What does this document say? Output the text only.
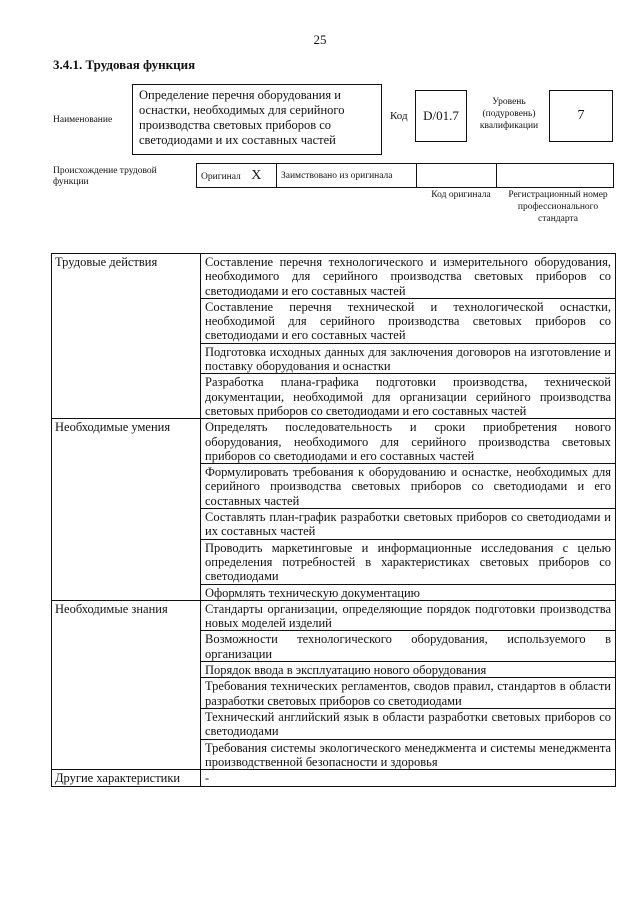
25
3.4.1. Трудовая функция
Наименование
Определение перечня оборудования и оснастки, необходимых для серийного производства световых приборов со светодиодами и их составных частей
Код	D/01.7
Уровень (подуровень) квалификации
7
Происхождение трудовой функции
Оригинал X	Заимствовано из оригинала		
Код оригинала	Регистрационный номер профессионального стандарта
Трудовые действия	Составление перечня технологического и измерительного оборудования, необходимого для серийного производства световых приборов со светодиодами и его составных частей
	Составление перечня технической и технологической оснастки, необходимой для серийного производства световых приборов со светодиодами и его составных частей
	Подготовка исходных данных для заключения договоров на изготовление и поставку оборудования и оснастки
	Разработка плана-графика подготовки производства, технической документации, необходимой для организации серийного производства световых приборов со светодиодами и его составных частей
Необходимые умения	Определять последовательность и сроки приобретения нового оборудования, необходимого для серийного производства световых приборов со светодиодами и его составных частей
	Формулировать требования к оборудованию и оснастке, необходимых для серийного производства световых приборов со светодиодами и его составных частей
	Составлять план-график разработки световых приборов со светодиодами и их составных частей
	Проводить маркетинговые и информационные исследования с целью определения потребностей в характеристиках световых приборов со светодиодами
	Оформлять техническую документацию
Необходимые знания	Стандарты организации, определяющие порядок подготовки производства новых моделей изделий
	Возможности технологического оборудования, используемого в организации
	Порядок ввода в эксплуатацию нового оборудования
	Требования технических регламентов, сводов правил, стандартов в области разработки световых приборов со светодиодами
	Технический английский язык в области разработки световых приборов со светодиодами
	Требования системы экологического менеджмента и системы менеджмента производственной безопасности и здоровья
Другие характеристики	-
